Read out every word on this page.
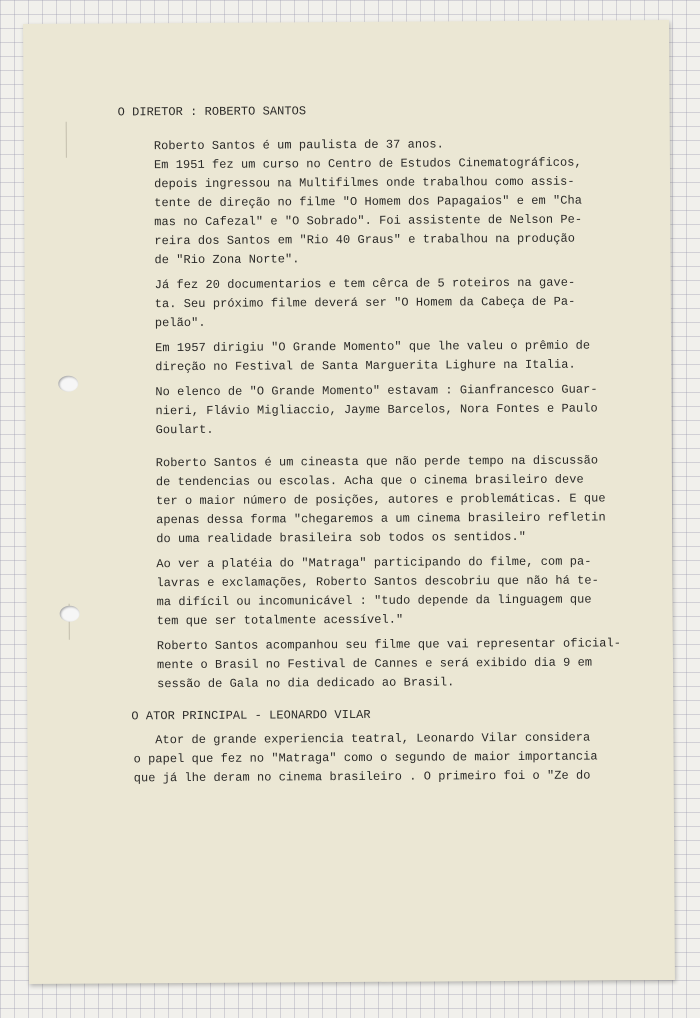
O DIRETOR : ROBERTO SANTOS
Roberto Santos é um paulista de 37 anos.
Em 1951 fez um curso no Centro de Estudos Cinematográficos,
depois ingressou na Multifilmes onde trabalhou como assis-
tente de direção no filme "O Homem dos Papagaios" e em "Cha
mas no Cafezal" e "O Sobrado". Foi assistente de Nelson Pe-
reira dos Santos em "Rio 40 Graus" e trabalhou na produção
de "Rio Zona Norte".
Já fez 20 documentarios e tem cêrca de 5 roteiros na gave-
ta. Seu próximo filme deverá ser "O Homem da Cabeça de Pa-
pelão".
Em 1957 dirigiu "O Grande Momento" que lhe valeu o prêmio de
direção no Festival de Santa Marguerita Lighure na Italia.
No elenco de "O Grande Momento" estavam : Gianfrancesco Guar-
nieri, Flávio Migliaccio, Jayme Barcelos, Nora Fontes e Paulo
Goulart.
Roberto Santos é um cineasta que não perde tempo na discussão
de tendencias ou escolas. Acha que o cinema brasileiro deve
ter o maior número de posições, autores e problemáticas. E que
apenas dessa forma "chegaremos a um cinema brasileiro refletin
do uma realidade brasileira sob todos os sentidos."
Ao ver a platéia do "Matraga" participando do filme, com pa-
lavras e exclamações, Roberto Santos descobriu que não há te-
ma difícil ou incomunicável : "tudo depende da linguagem que
tem que ser totalmente acessível."
Roberto Santos acompanhou seu filme que vai representar oficial-
mente o Brasil no Festival de Cannes e será exibido dia 9 em
sessão de Gala no dia dedicado ao Brasil.
O ATOR PRINCIPAL - LEONARDO VILAR
Ator de grande experiencia teatral, Leonardo Vilar considera
o papel que fez no "Matraga" como o segundo de maior importancia
que já lhe deram no cinema brasileiro . O primeiro foi o "Ze do
